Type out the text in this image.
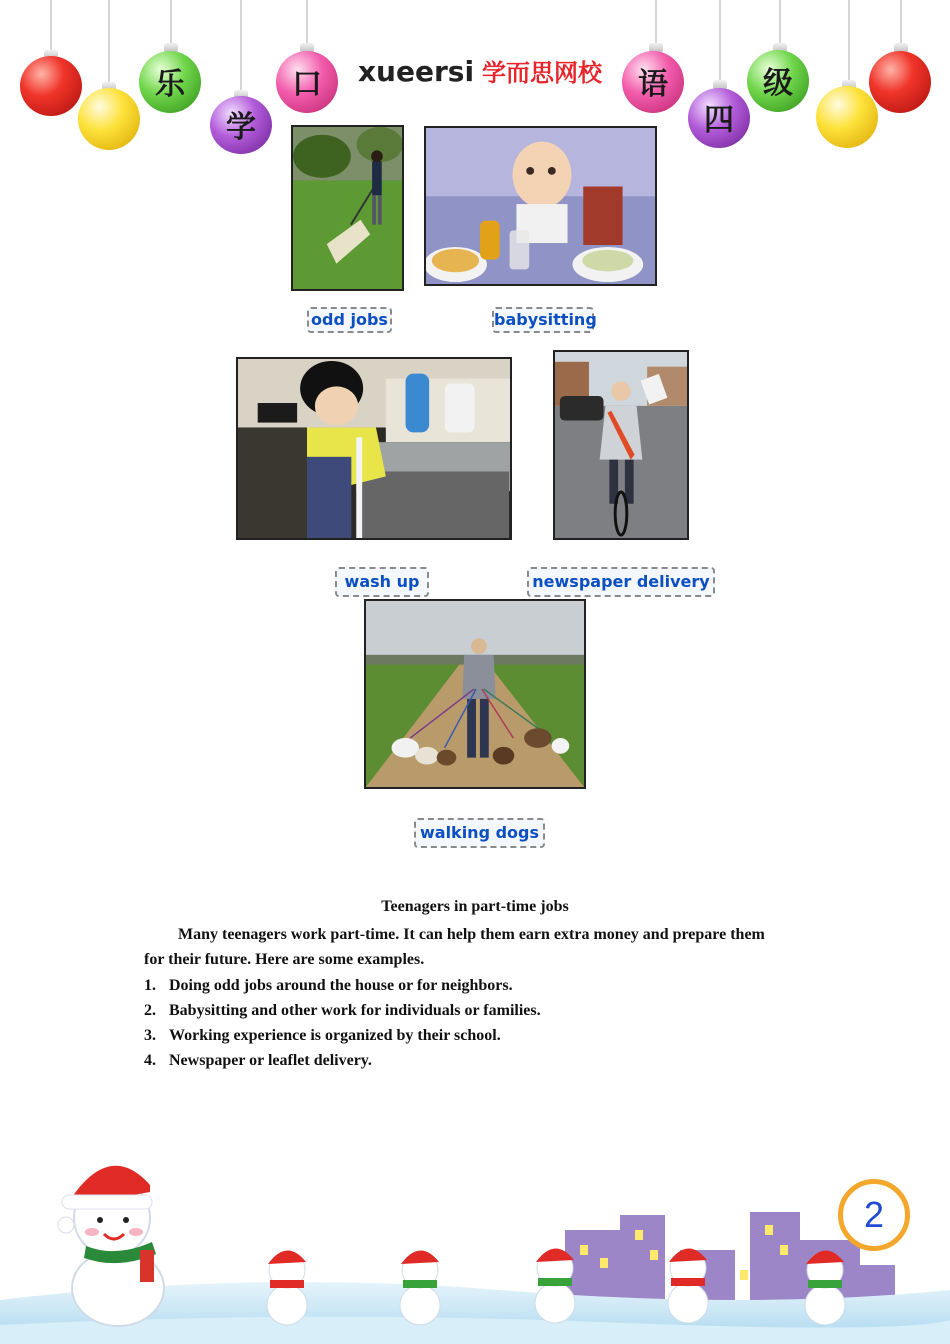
乐
学
口	语
四
级
xueersi 学而思网校
odd jobs	babysitting
wash up	newspaper delivery
walking dogs
Teenagers in part-time jobs

Many teenagers work part-time. It can help them earn extra money and prepare them

for their future. Here are some examples.

1. Doing odd jobs around the house or for neighbors.
2. Babysitting and other work for individuals or families.
3. Working experience is organized by their school.
4. Newspaper or leaflet delivery.
2
